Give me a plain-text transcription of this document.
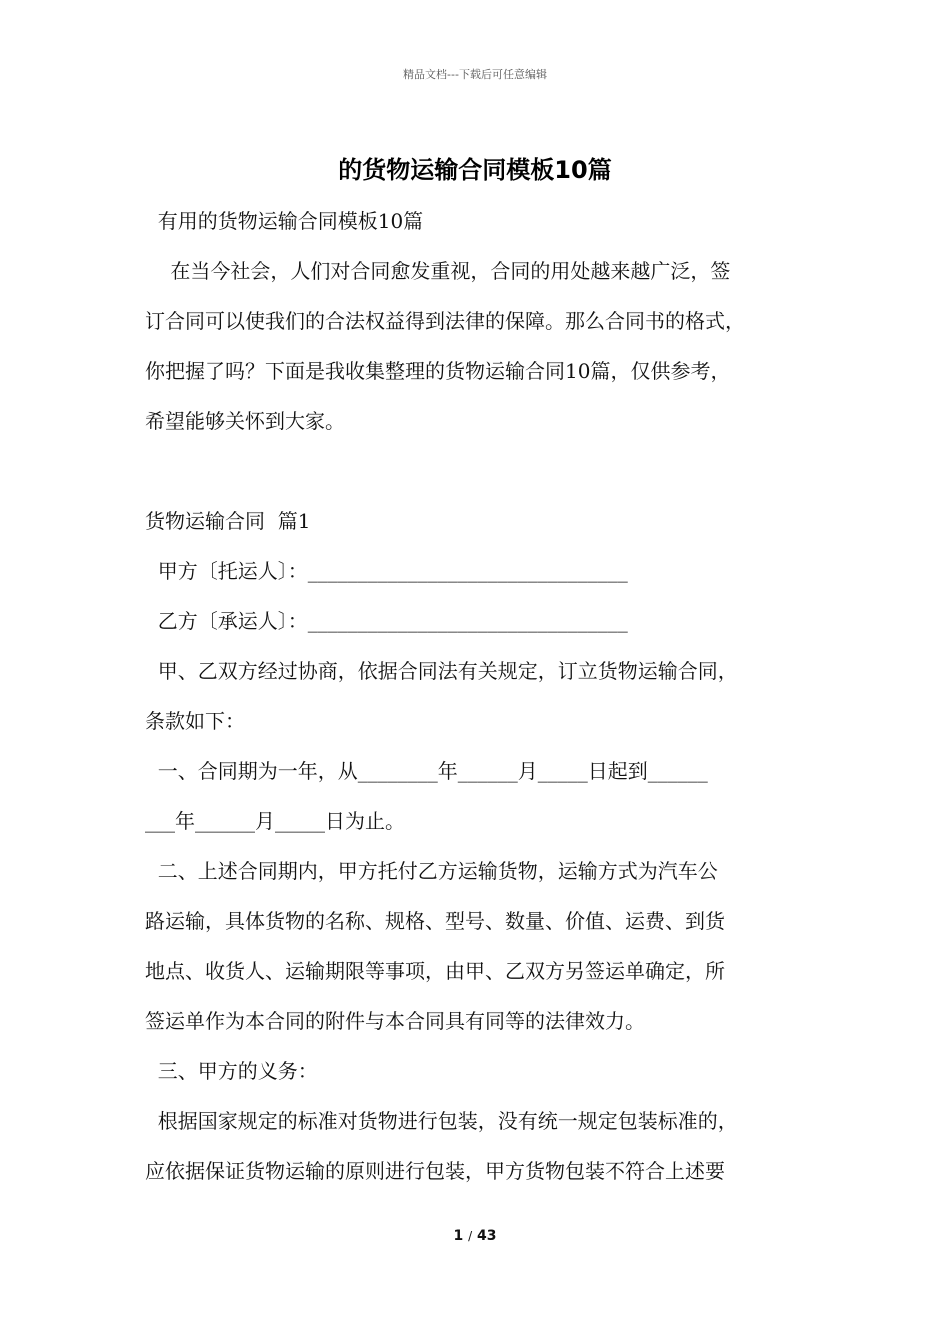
精品文档---下载后可任意编辑
的货物运输合同模板10篇
有用的货物运输合同模板10篇
在当今社会，人们对合同愈发重视，合同的用处越来越广泛，签
订合同可以使我们的合法权益得到法律的保障。那么合同书的格式，
你把握了吗？下面是我收集整理的货物运输合同10篇，仅供参考，
希望能够关怀到大家。
货物运输合同  篇1
甲方〔托运人〕：________________________________
乙方〔承运人〕：________________________________
甲、乙双方经过协商，依据合同法有关规定，订立货物运输合同，
条款如下：
一、合同期为一年，从________年______月_____日起到______
___年______月_____日为止。
二、上述合同期内，甲方托付乙方运输货物，运输方式为汽车公
路运输，具体货物的名称、规格、型号、数量、价值、运费、到货
地点、收货人、运输期限等事项，由甲、乙双方另签运单确定，所
签运单作为本合同的附件与本合同具有同等的法律效力。
三、甲方的义务：
根据国家规定的标准对货物进行包装，没有统一规定包装标准的，
应依据保证货物运输的原则进行包装，甲方货物包装不符合上述要
1 / 43
